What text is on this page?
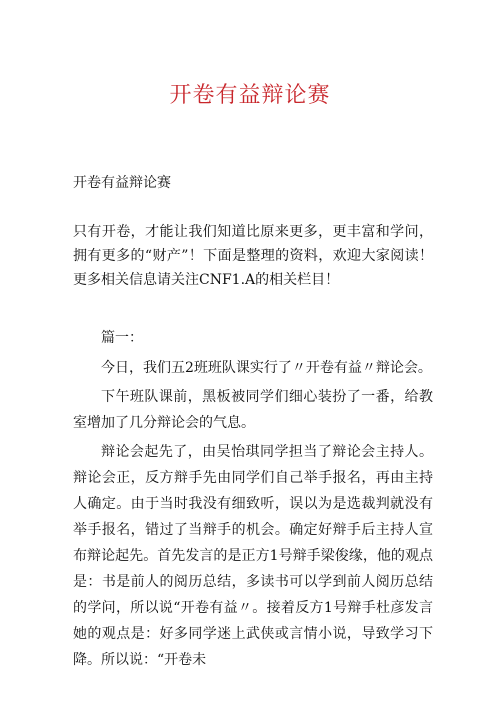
开卷有益辩论赛
开卷有益辩论赛

只有开卷，才能让我们知道比原来更多，更丰富和学问，拥有更多的“财产”！下面是整理的资料，欢迎大家阅读！更多相关信息请关注CNF1.A的相关栏目！

篇一：

今日，我们五2班班队课实行了〃开卷有益〃辩论会。

下午班队课前，黑板被同学们细心装扮了一番，给教室增加了几分辩论会的气息。

辩论会起先了，由吴怡琪同学担当了辩论会主持人。辩论会正，反方辩手先由同学们自己举手报名，再由主持人确定。由于当时我没有细致听，误以为是选裁判就没有举手报名，错过了当辩手的机会。确定好辩手后主持人宣布辩论起先。首先发言的是正方1号辩手梁俊缘，他的观点是：书是前人的阅历总结，多读书可以学到前人阅历总结的学问，所以说“开卷有益〃。接着反方1号辩手杜彦发言她的观点是：好多同学迷上武侠或言情小说，导致学习下降。所以说：“开卷未
